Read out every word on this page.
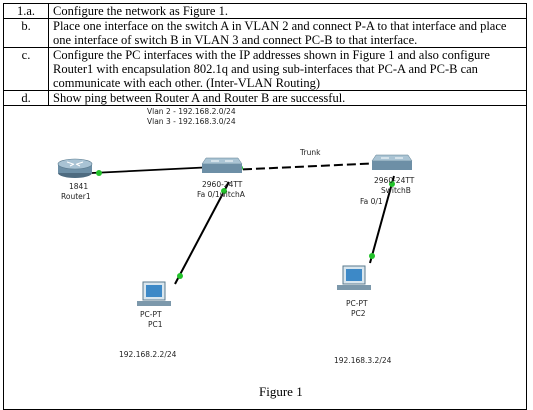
1.a.	Configure the network as Figure 1.
b.	Place one interface on the switch A in VLAN 2 and connect P-A to that interface and place one interface of switch B in VLAN 3 and connect PC-B to that interface.
c.	Configure the PC interfaces with the IP addresses shown in Figure 1 and also configure Router1 with encapsulation 802.1q and using sub-interfaces that PC-A and PC-B can communicate with each other. (Inter-VLAN Routing)
d.	Show ping between Router A and Router B are successful.
Vlan 2 - 192.168.2.0/24
Vlan 3 - 192.168.3.0/24
Trunk
1841
Router1
2960-24TT
Fa 0/1witchA
2960-24TT
SwitchB
Fa 0/1
PC-PT
PC1
PC-PT
PC2
192.168.2.2/24
192.168.3.2/24
Figure 1
